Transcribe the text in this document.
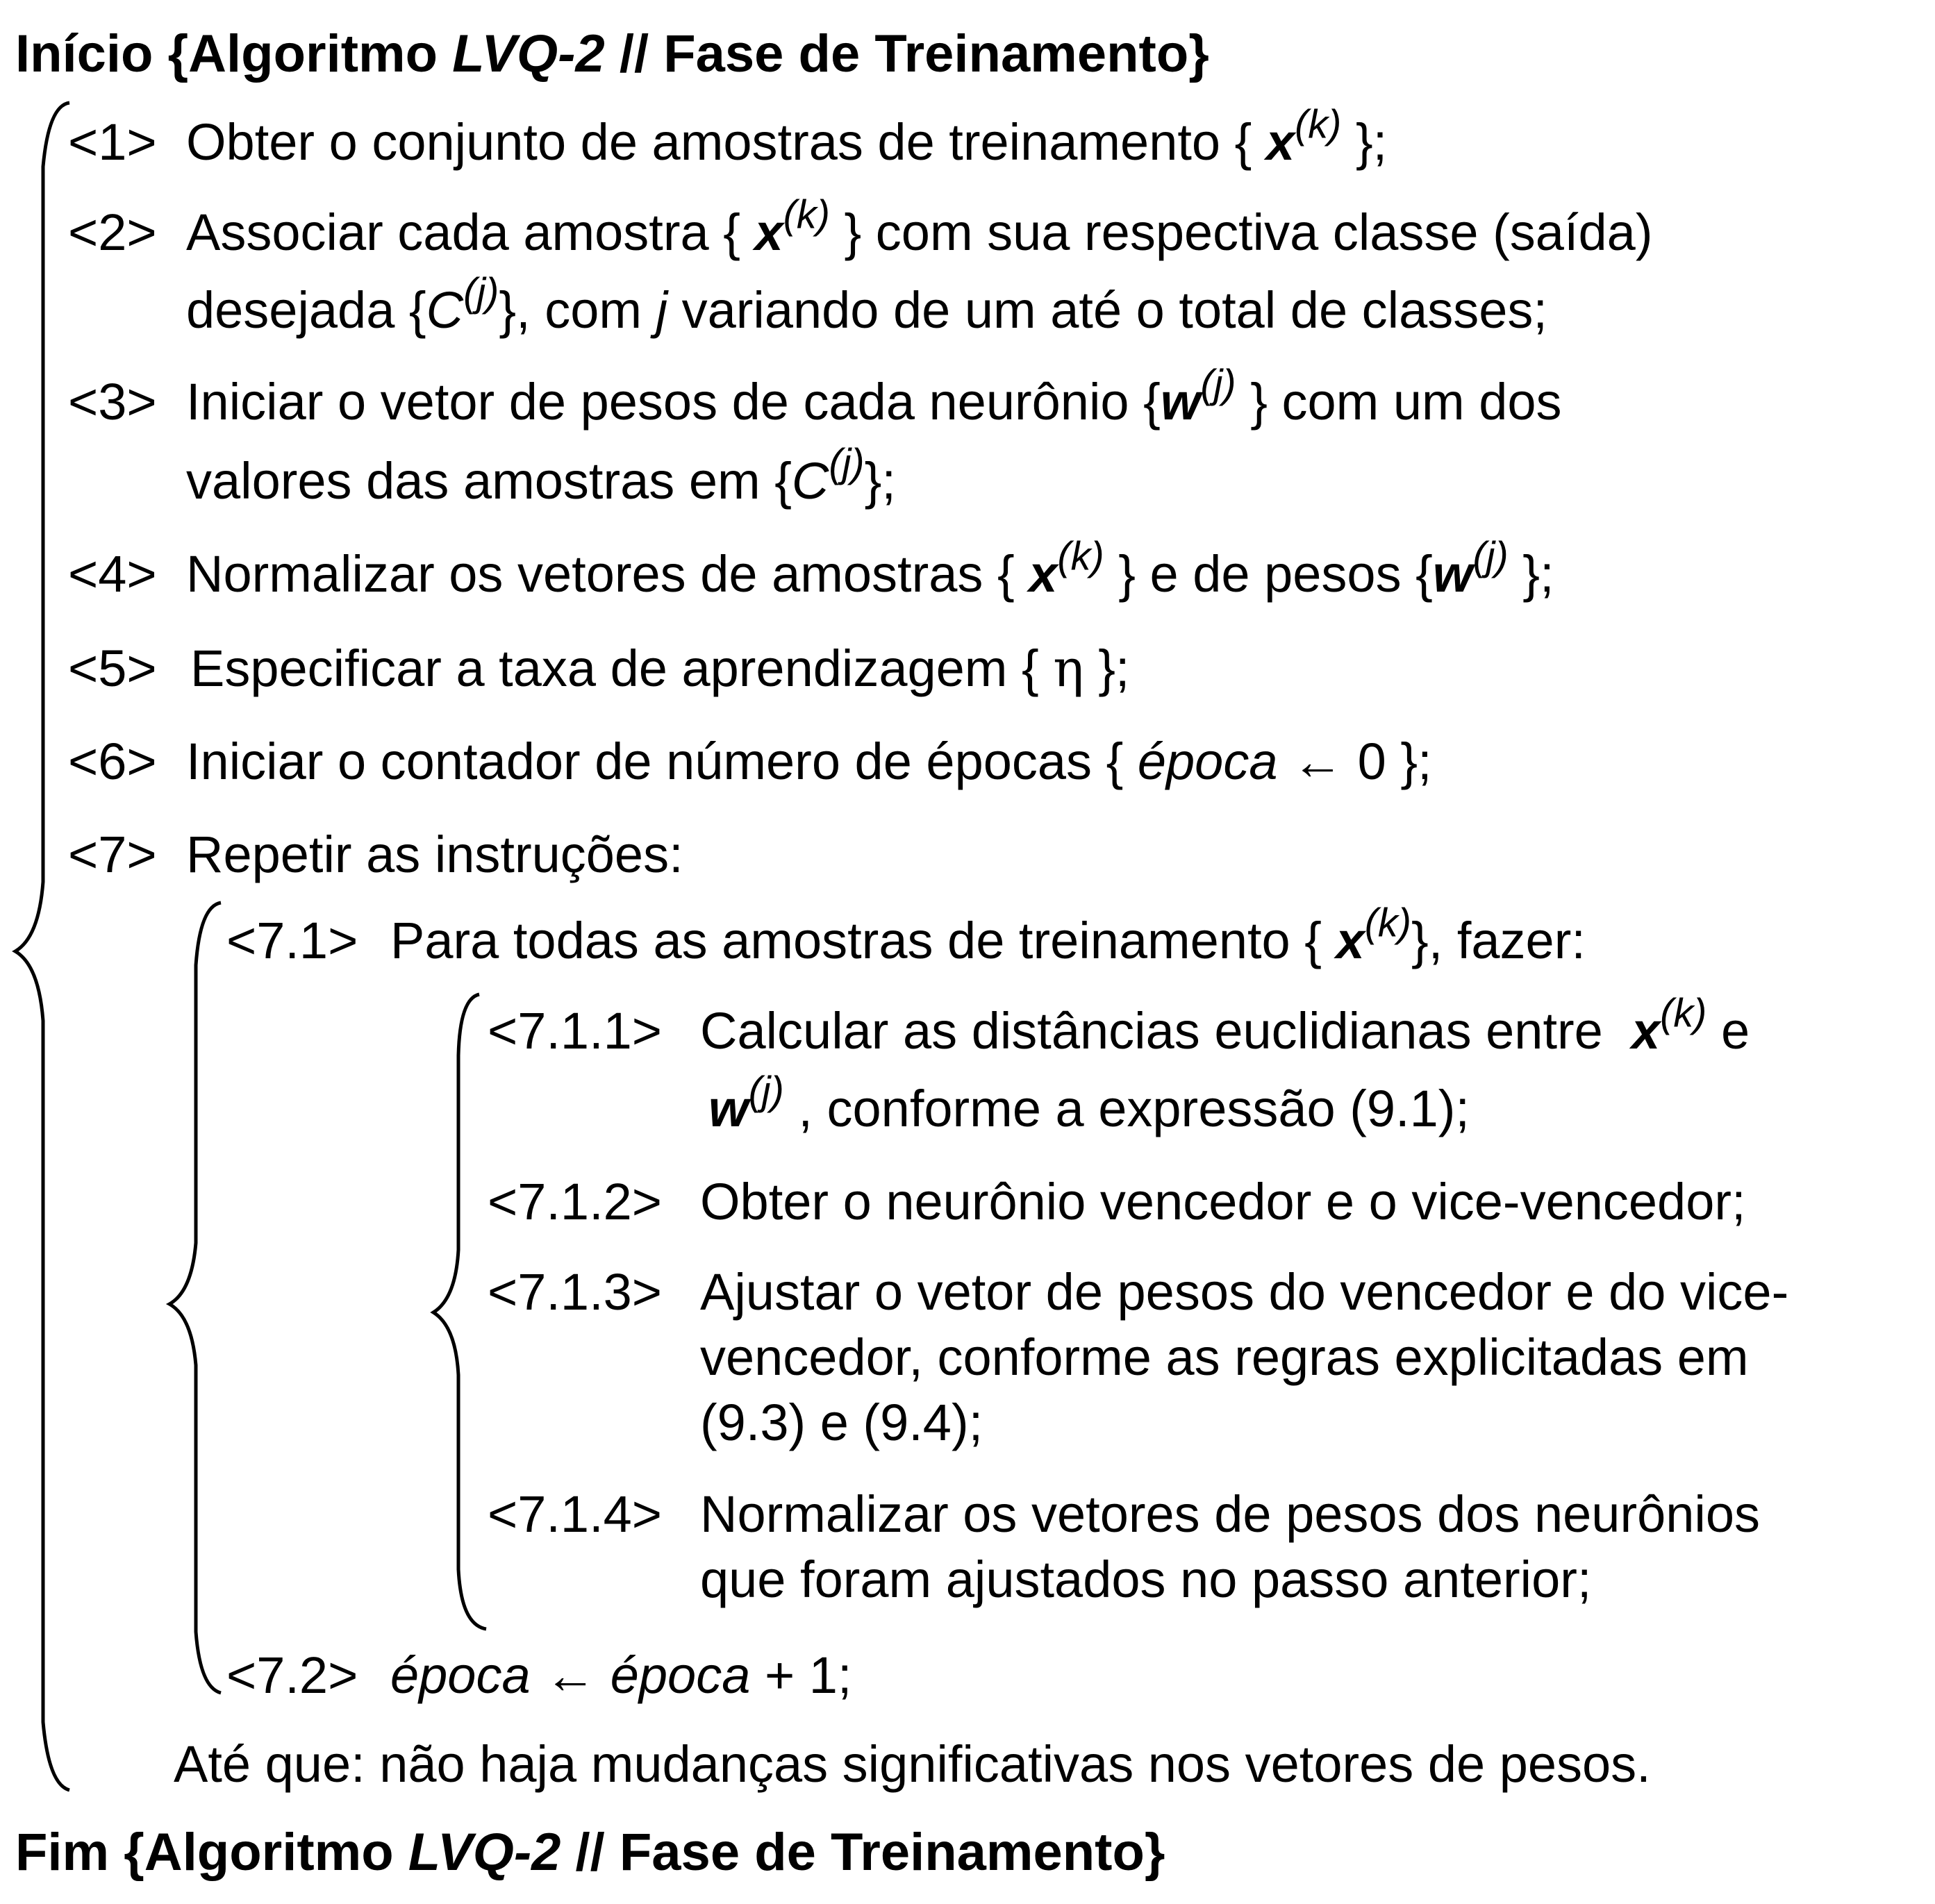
Início {Algoritmo LVQ-2 // Fase de Treinamento}
<1> Obter o conjunto de amostras de treinamento { $x^{(k)}$ };
<2> Associar cada amostra { $x^{(k)}$ } com sua respectiva classe (saída)
desejada $\{C^{(j)}\}$, com j variando de um até o total de classes;
<3> Iniciar o vetor de pesos de cada neurônio {$w^{(j)}$ } com um dos
valores das amostras em $\{C^{(j)}\}$;
<4> Normalizar os vetores de amostras { $x^{(k)}$ } e de pesos {$w^{(j)}$ };
<5> Especificar a taxa de aprendizagem { η };
<6> Iniciar o contador de número de épocas { época ← 0 };
<7> Repetir as instruções:
<7.1> Para todas as amostras de treinamento { $x^{(k)}$}, fazer:
<7.1.1> Calcular as distâncias euclidianas entre $x^{(k)}$ e
$w^{(j)}$ , conforme a expressão (9.1);
<7.1.2> Obter o neurônio vencedor e o vice-vencedor;
<7.1.3> Ajustar o vetor de pesos do vencedor e do vice-
vencedor, conforme as regras explicitadas em
(9.3) e (9.4);
<7.1.4> Normalizar os vetores de pesos dos neurônios
que foram ajustados no passo anterior;
<7.2> época ← época + 1;
Até que: não haja mudanças significativas nos vetores de pesos.
Fim {Algoritmo LVQ-2 // Fase de Treinamento}
